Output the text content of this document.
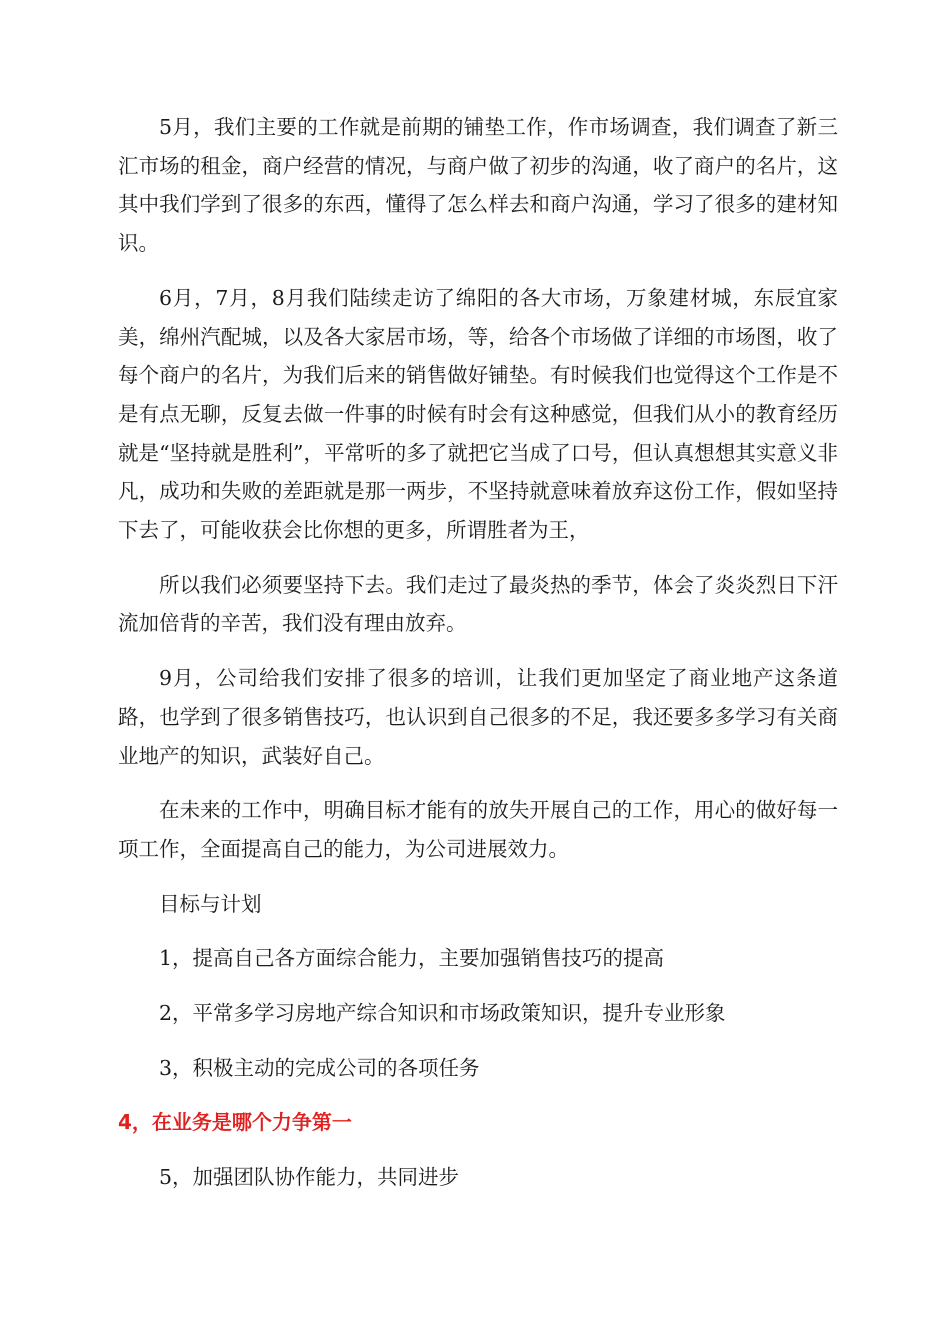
5月，我们主要的工作就是前期的铺垫工作，作市场调查，我们调查了新三汇市场的租金，商户经营的情况，与商户做了初步的沟通，收了商户的名片，这其中我们学到了很多的东西，懂得了怎么样去和商户沟通，学习了很多的建材知识。

6月，7月，8月我们陆续走访了绵阳的各大市场，万象建材城，东辰宜家美，绵州汽配城，以及各大家居市场，等，给各个市场做了详细的市场图，收了每个商户的名片，为我们后来的销售做好铺垫。有时候我们也觉得这个工作是不是有点无聊，反复去做一件事的时候有时会有这种感觉，但我们从小的教育经历就是“坚持就是胜利”，平常听的多了就把它当成了口号，但认真想想其实意义非凡，成功和失败的差距就是那一两步，不坚持就意味着放弃这份工作，假如坚持下去了，可能收获会比你想的更多，所谓胜者为王，

所以我们必须要坚持下去。我们走过了最炎热的季节，体会了炎炎烈日下汗流加倍背的辛苦，我们没有理由放弃。

9月，公司给我们安排了很多的培训，让我们更加坚定了商业地产这条道路，也学到了很多销售技巧，也认识到自己很多的不足，我还要多多学习有关商业地产的知识，武装好自己。

在未来的工作中，明确目标才能有的放失开展自己的工作，用心的做好每一项工作，全面提高自己的能力，为公司进展效力。

目标与计划

1，提高自己各方面综合能力，主要加强销售技巧的提高

2，平常多学习房地产综合知识和市场政策知识，提升专业形象

3，积极主动的完成公司的各项任务

4，在业务是哪个力争第一

5，加强团队协作能力，共同进步
